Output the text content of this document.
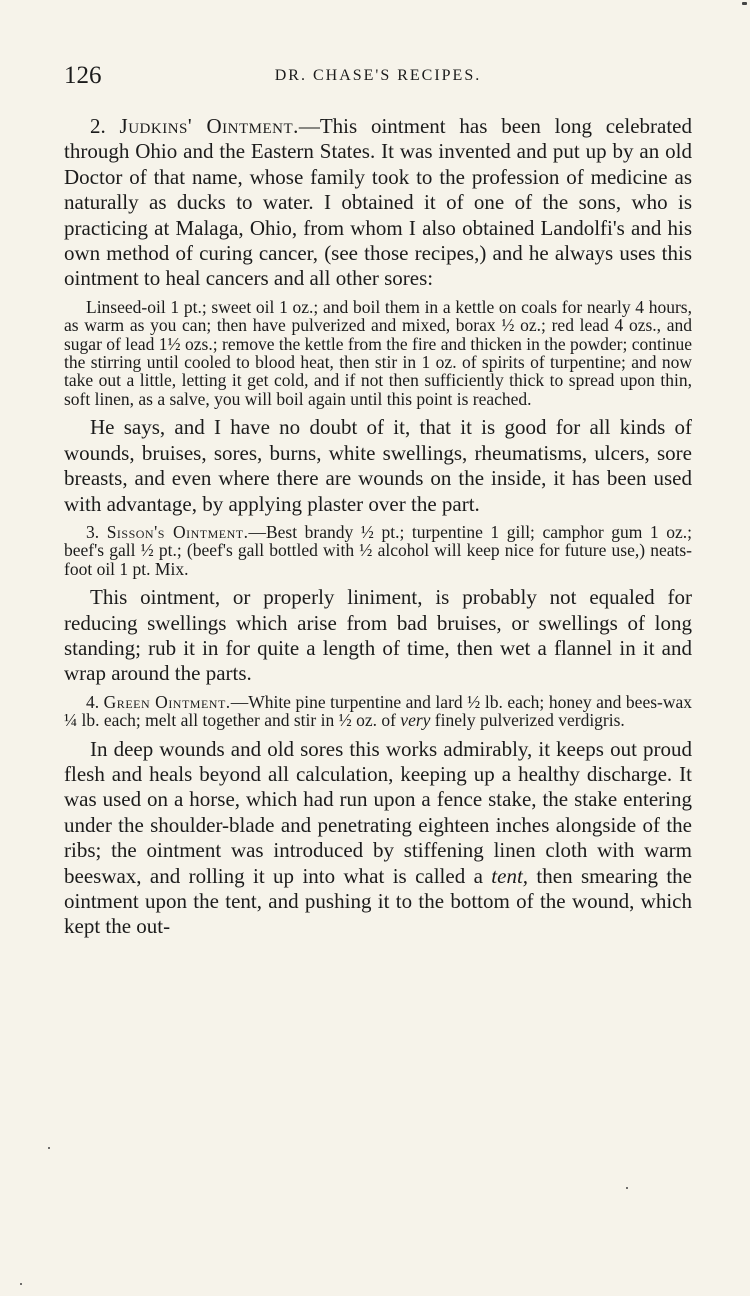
126	DR. CHASE'S RECIPES.

2. Judkins' Ointment.—This ointment has been long celebrated through Ohio and the Eastern States. It was invented and put up by an old Doctor of that name, whose family took to the profession of medicine as naturally as ducks to water. I obtained it of one of the sons, who is practicing at Malaga, Ohio, from whom I also obtained Landolfi's and his own method of curing cancer, (see those recipes,) and he always uses this ointment to heal cancers and all other sores:

Linseed-oil 1 pt.; sweet oil 1 oz.; and boil them in a kettle on coals for nearly 4 hours, as warm as you can; then have pulverized and mixed, borax ½ oz.; red lead 4 ozs., and sugar of lead 1½ ozs.; remove the kettle from the fire and thicken in the powder; continue the stirring until cooled to blood heat, then stir in 1 oz. of spirits of turpentine; and now take out a little, letting it get cold, and if not then sufficiently thick to spread upon thin, soft linen, as a salve, you will boil again until this point is reached.

He says, and I have no doubt of it, that it is good for all kinds of wounds, bruises, sores, burns, white swellings, rheumatisms, ulcers, sore breasts, and even where there are wounds on the inside, it has been used with advantage, by applying plaster over the part.

3. Sisson's Ointment.—Best brandy ½ pt.; turpentine 1 gill; camphor gum 1 oz.; beef's gall ½ pt.; (beef's gall bottled with ½ alcohol will keep nice for future use,) neats-foot oil 1 pt. Mix.

This ointment, or properly liniment, is probably not equaled for reducing swellings which arise from bad bruises, or swellings of long standing; rub it in for quite a length of time, then wet a flannel in it and wrap around the parts.

4. Green Ointment.—White pine turpentine and lard ½ lb. each; honey and bees-wax ¼ lb. each; melt all together and stir in ½ oz. of very finely pulverized verdigris.

In deep wounds and old sores this works admirably, it keeps out proud flesh and heals beyond all calculation, keeping up a healthy discharge. It was used on a horse, which had run upon a fence stake, the stake entering under the shoulder-blade and penetrating eighteen inches alongside of the ribs; the ointment was introduced by stiffening linen cloth with warm beeswax, and rolling it up into what is called a tent, then smearing the ointment upon the tent, and pushing it to the bottom of the wound, which kept the out-
